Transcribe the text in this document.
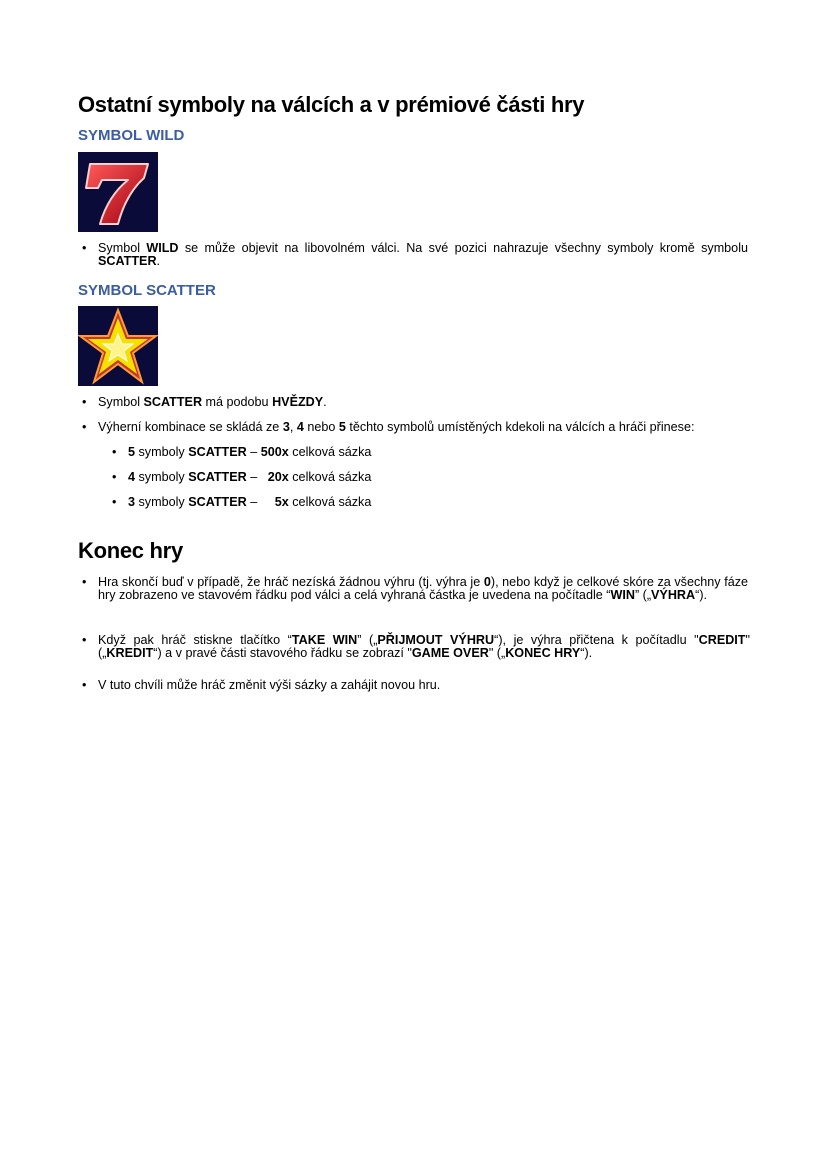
Ostatní symboly na válcích a v prémiové části hry
SYMBOL WILD
• Symbol WILD se může objevit na libovolném válci. Na své pozici nahrazuje všechny symboly kromě symbolu SCATTER.
SYMBOL SCATTER
• Symbol SCATTER má podobu HVĚZDY.
• Výherní kombinace se skládá ze 3, 4 nebo 5 těchto symbolů umístěných kdekoli na válcích a hráči přinese:
• 5 symboly SCATTER – 500x celková sázka
• 4 symboly SCATTER –   20x celková sázka
• 3 symboly SCATTER –     5x celková sázka
Konec hry
• Hra skončí buď v případě, že hráč nezíská žádnou výhru (tj. výhra je 0), nebo když je celkové skóre za všechny fáze hry zobrazeno ve stavovém řádku pod válci a celá vyhraná částka je uvedena na počítadle “WIN” („VÝHRA“).
• Když pak hráč stiskne tlačítko “TAKE WIN” („PŘIJMOUT VÝHRU“), je výhra přičtena k počítadlu "CREDIT" („KREDIT“) a v pravé části stavového řádku se zobrazí "GAME OVER" („KONEC HRY“).
• V tuto chvíli může hráč změnit výši sázky a zahájit novou hru.
